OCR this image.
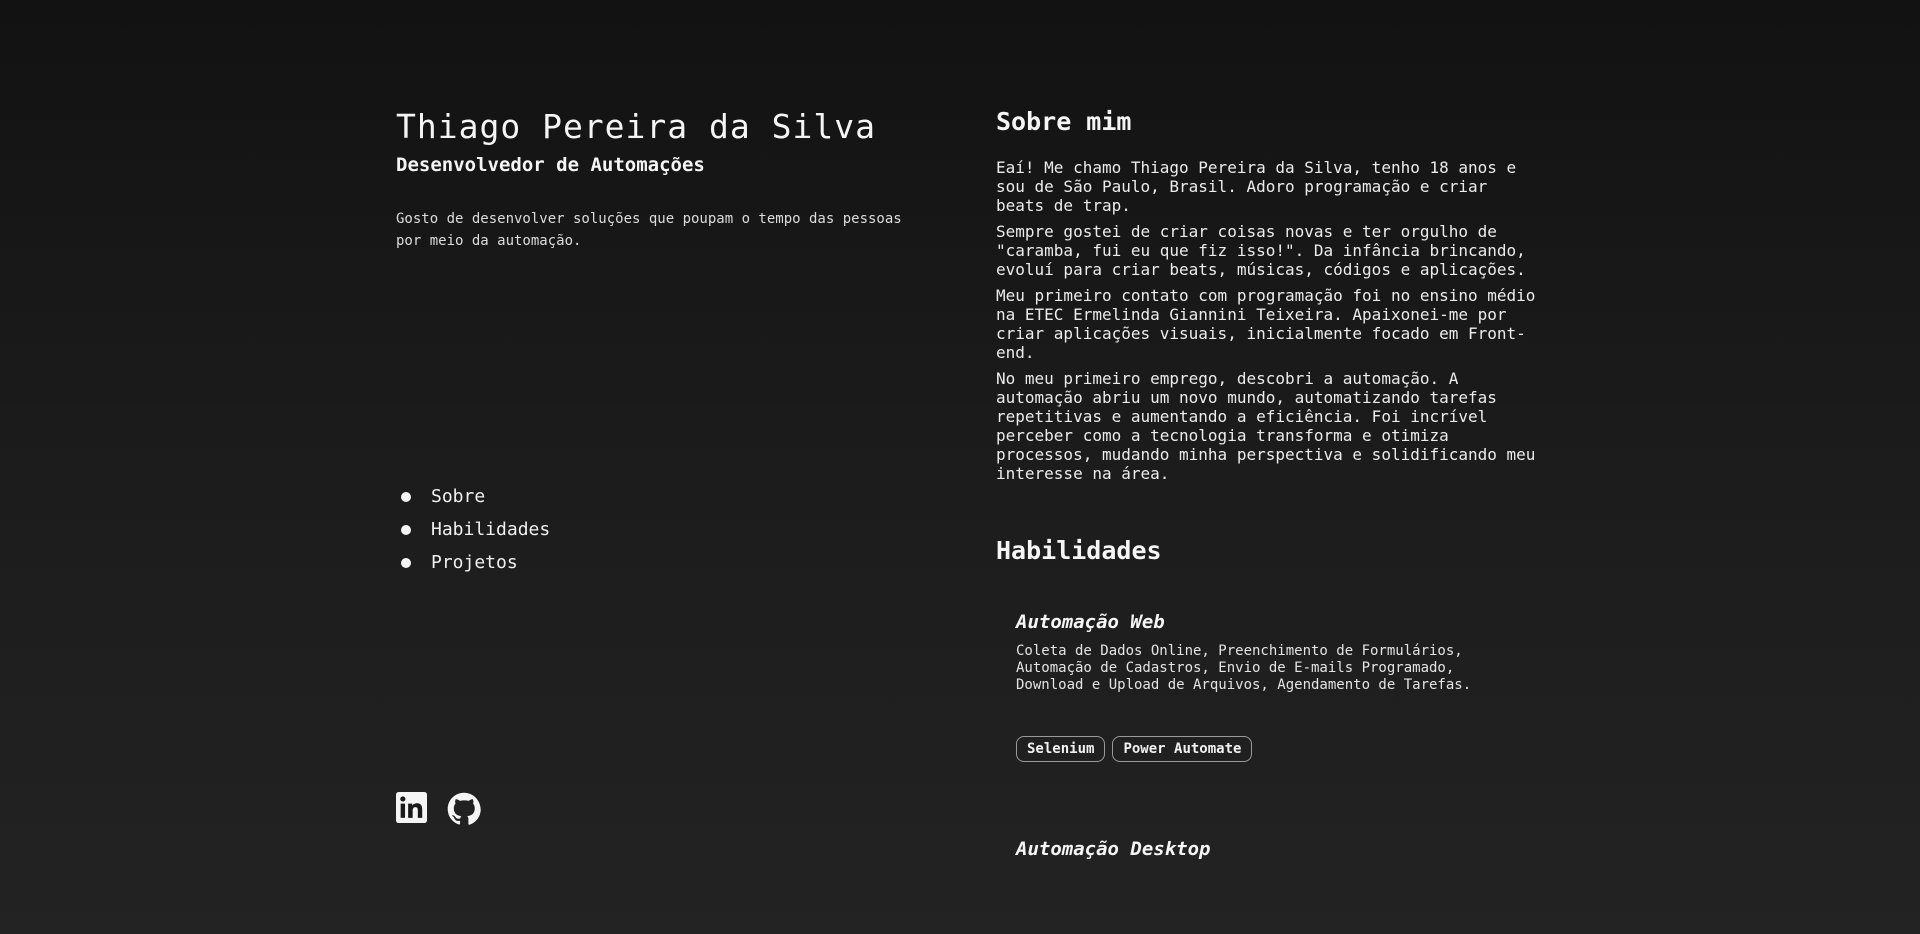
Thiago Pereira da Silva
Desenvolvedor de Automações

Gosto de desenvolver soluções que poupam o tempo das pessoas por meio da automação.

Sobre
Habilidades
Projetos
Sobre mim

Eaí! Me chamo Thiago Pereira da Silva, tenho 18 anos e sou de São Paulo, Brasil. Adoro programação e criar beats de trap.

Sempre gostei de criar coisas novas e ter orgulho de "caramba, fui eu que fiz isso!". Da infância brincando, evoluí para criar beats, músicas, códigos e aplicações.

Meu primeiro contato com programação foi no ensino médio na ETEC Ermelinda Giannini Teixeira. Apaixonei-me por criar aplicações visuais, inicialmente focado em Front-end.

No meu primeiro emprego, descobri a automação. A automação abriu um novo mundo, automatizando tarefas repetitivas e aumentando a eficiência. Foi incrível perceber como a tecnologia transforma e otimiza processos, mudando minha perspectiva e solidificando meu interesse na área.

Habilidades
Automação Web

Coleta de Dados Online, Preenchimento de Formulários, Automação de Cadastros, Envio de E-mails Programado, Download e Upload de Arquivos, Agendamento de Tarefas.

Selenium	Power Automate
Automação Desktop
